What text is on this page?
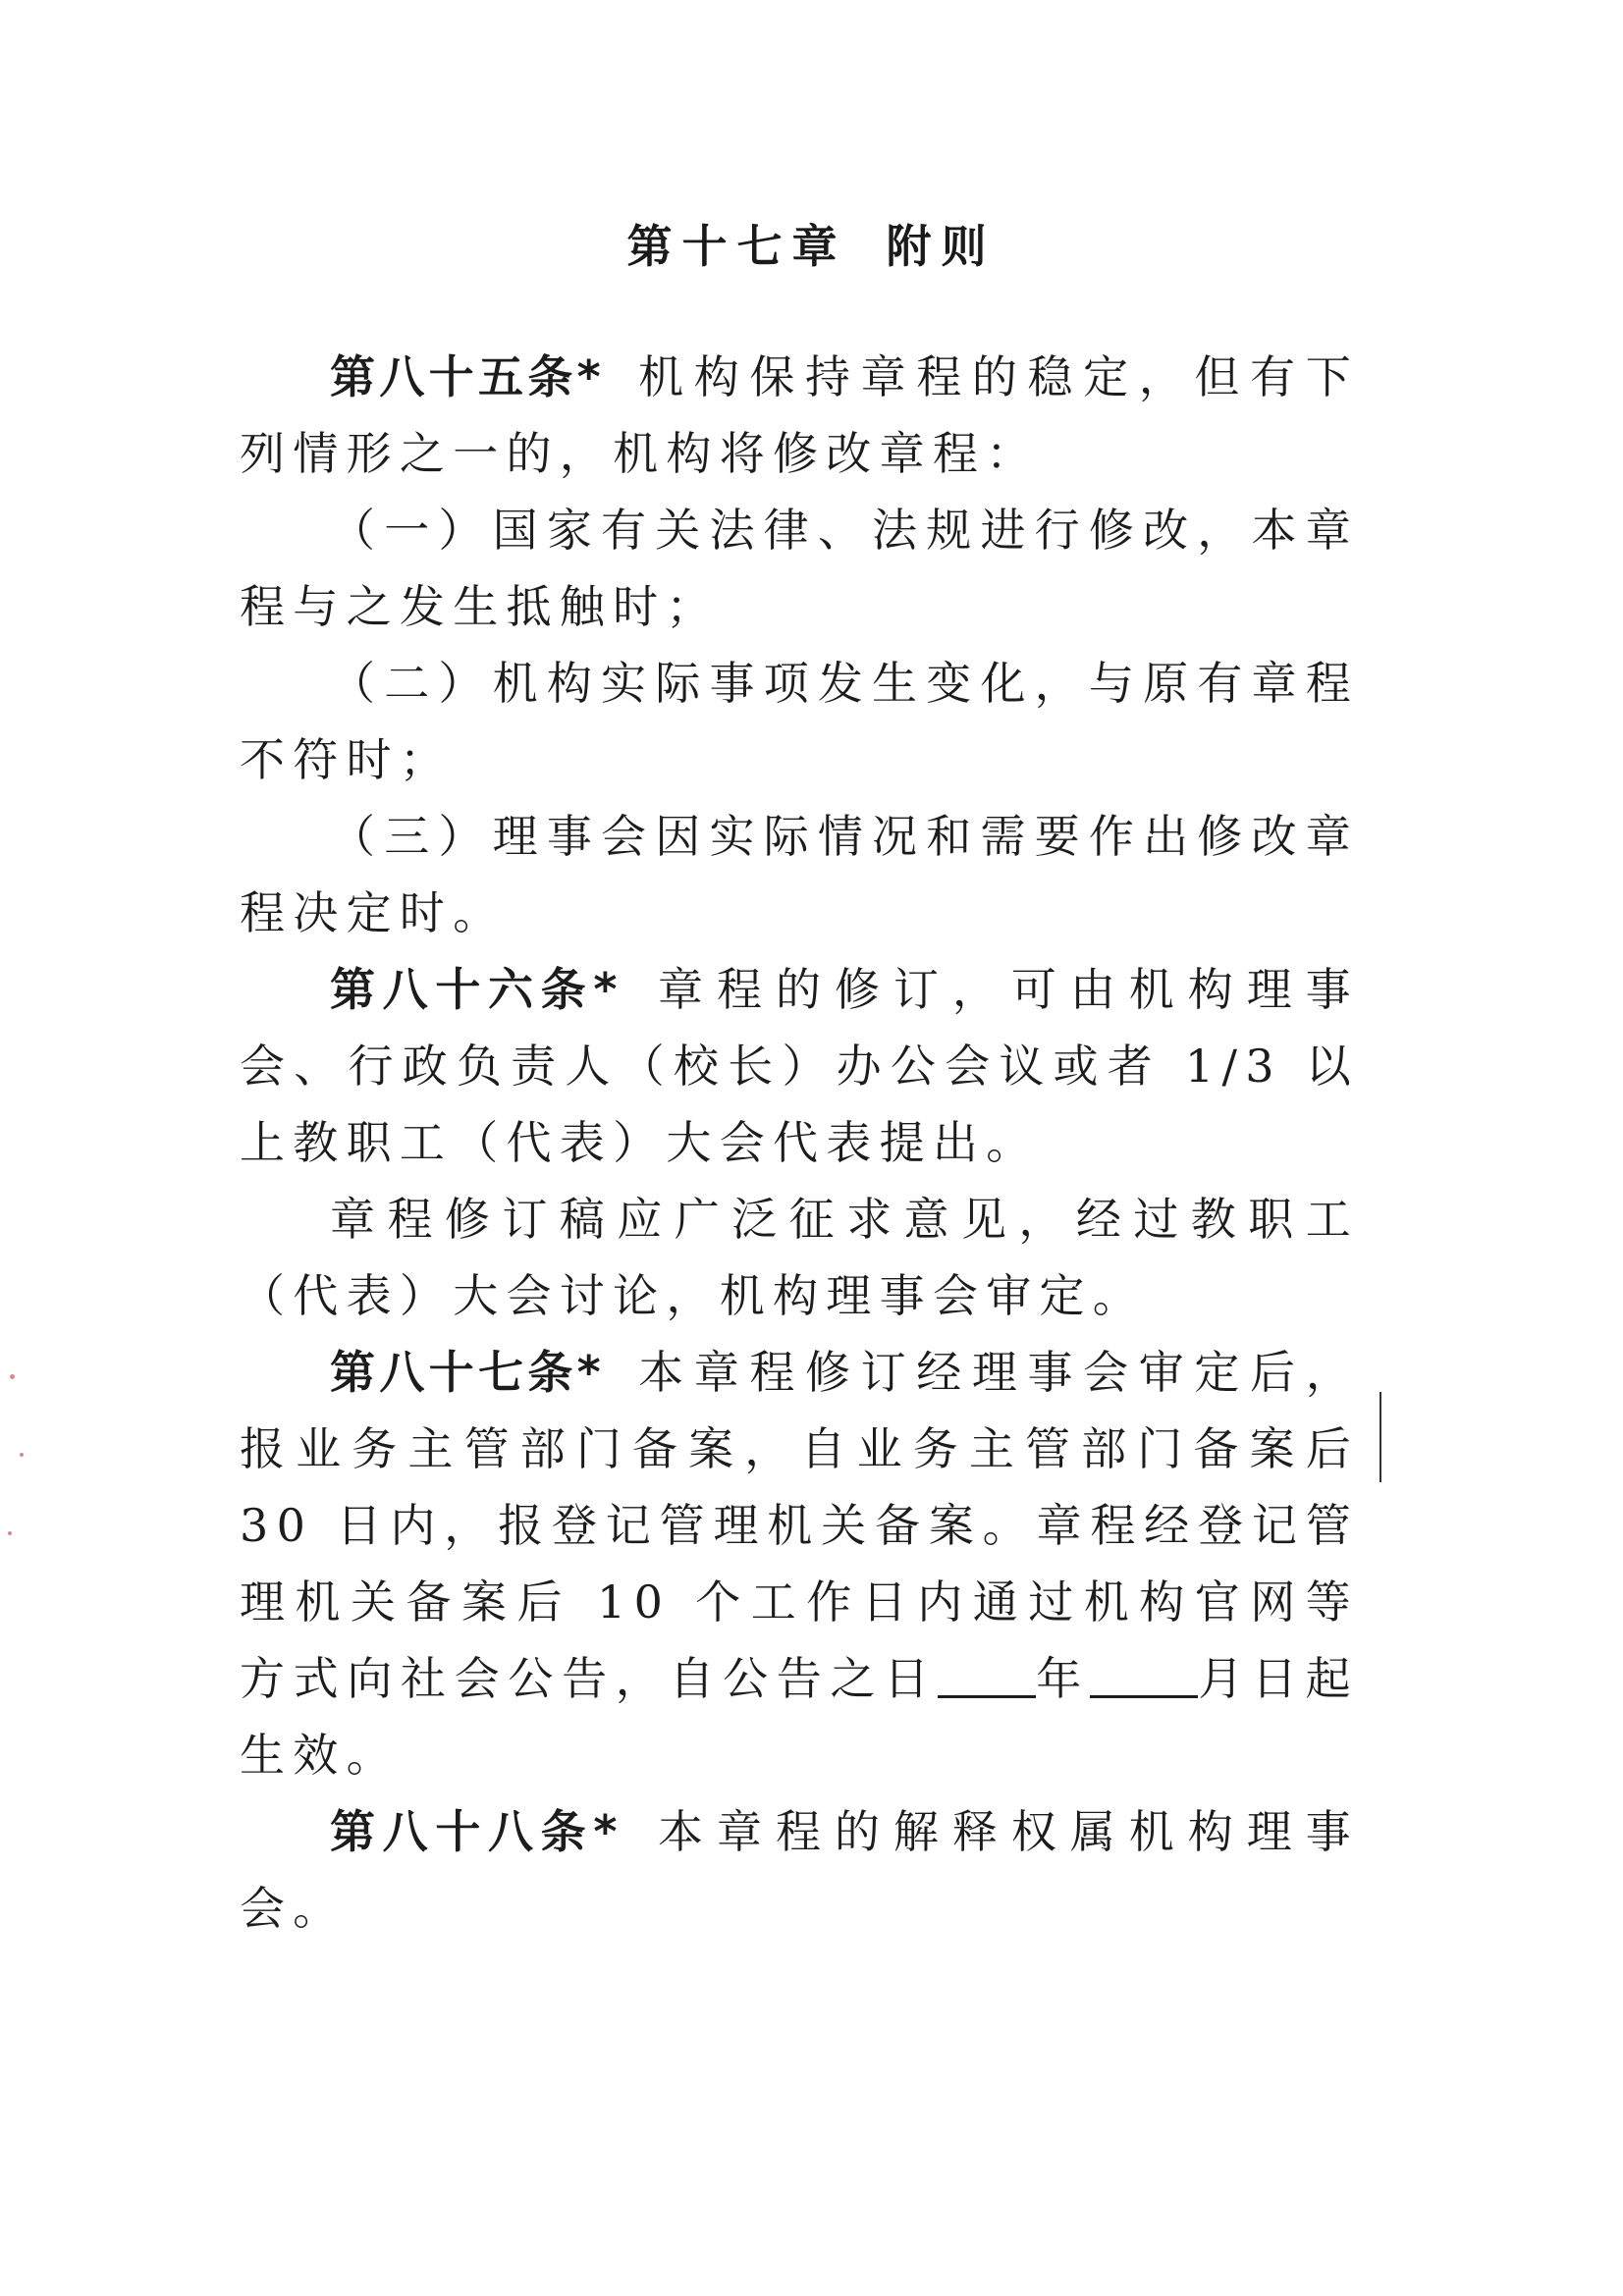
第十七章 附则

第八十五条* 机构保持章程的稳定，但有下列情形之一的，机构将修改章程：

（一）国家有关法律、法规进行修改，本章程与之发生抵触时；

（二）机构实际事项发生变化，与原有章程不符时；

（三）理事会因实际情况和需要作出修改章程决定时。

第八十六条* 章程的修订，可由机构理事会、行政负责人（校长）办公会议或者 1/3 以上教职工（代表）大会代表提出。

章程修订稿应广泛征求意见，经过教职工（代表）大会讨论，机构理事会审定。

第八十七条* 本章程修订经理事会审定后，报业务主管部门备案，自业务主管部门备案后 30 日内，报登记管理机关备案。章程经登记管理机关备案后 10 个工作日内通过机构官网等方式向社会公告，自公告之日 年 月日起生效。

第八十八条* 本章程的解释权属机构理事会。
